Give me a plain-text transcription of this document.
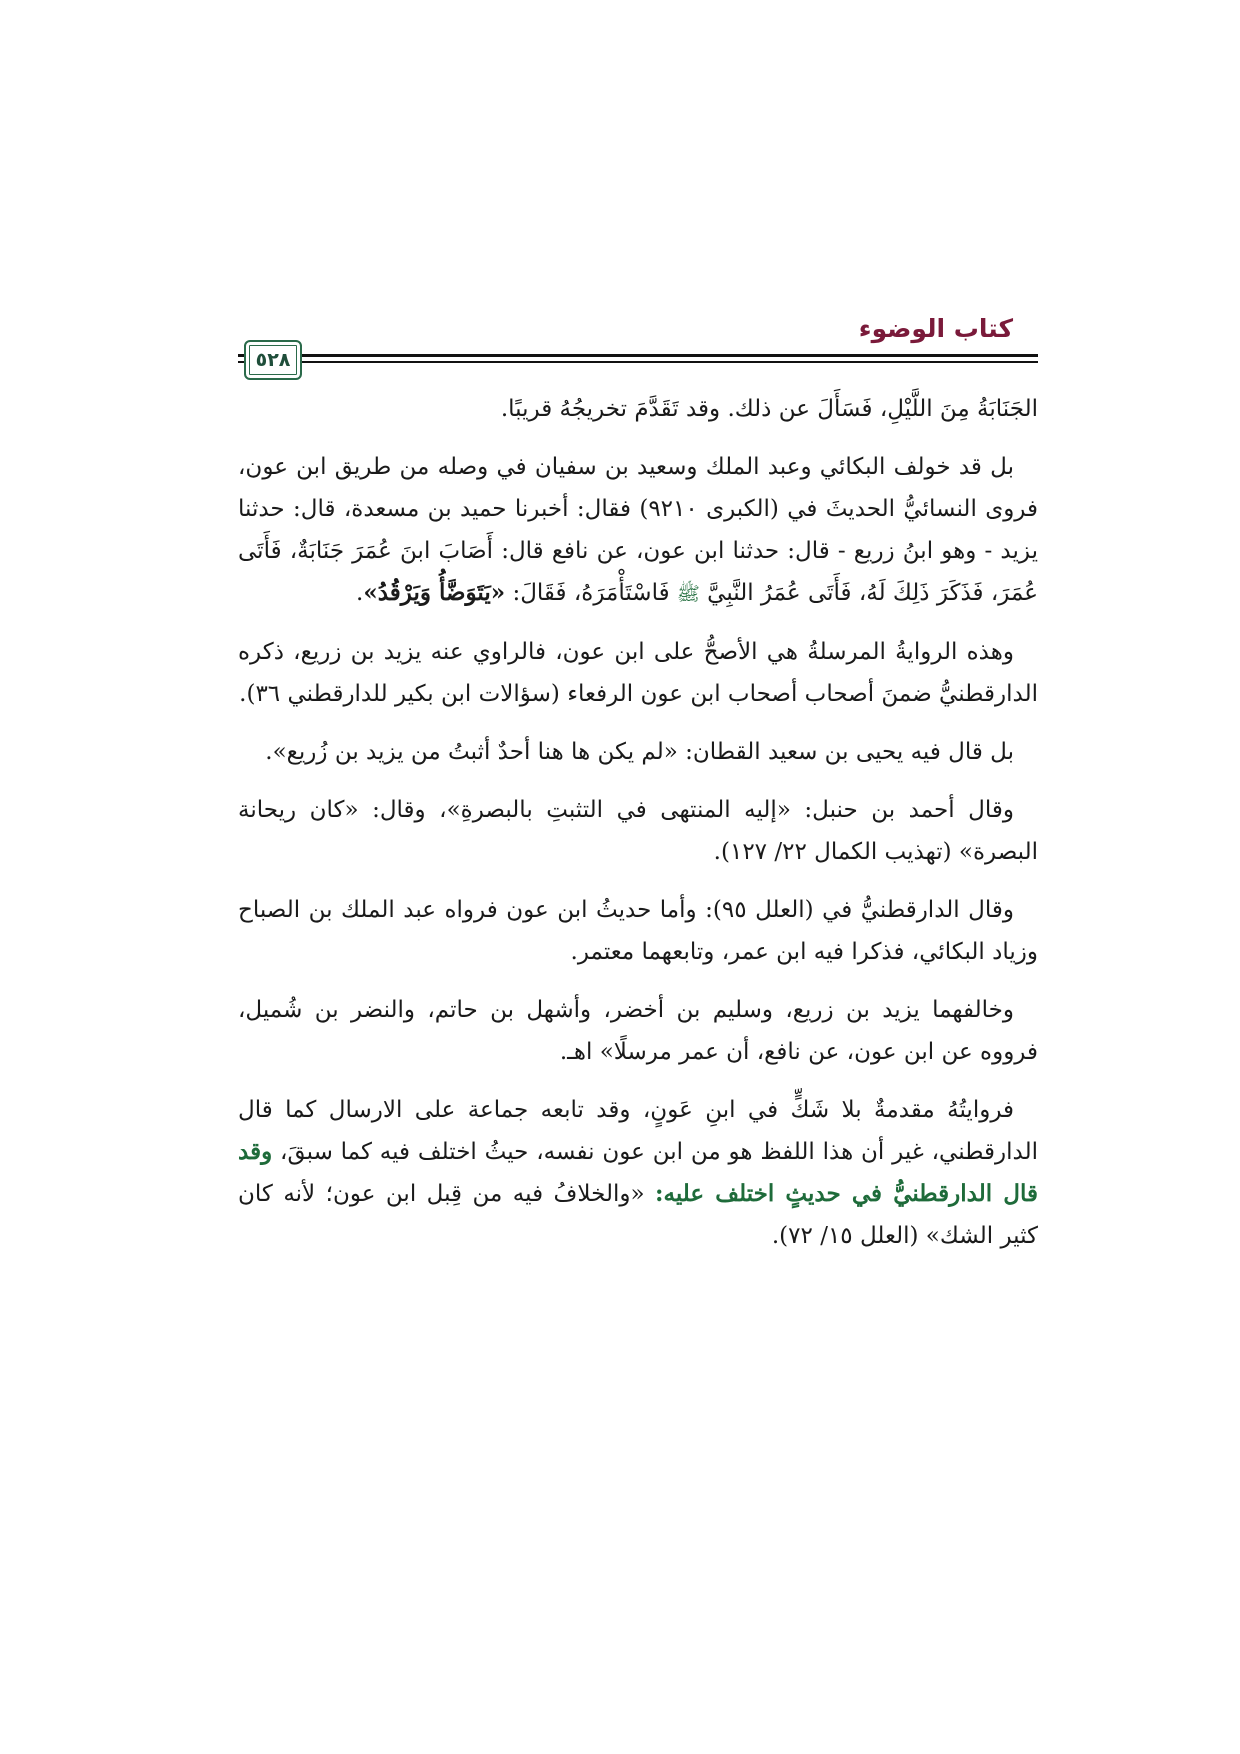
كتاب الوضوء
٥٢٨

الجَنَابَةُ مِنَ اللَّيْلِ، فَسَأَلَ عن ذلك. وقد تَقَدَّمَ تخريجُهُ قريبًا.

بل قد خولف البكائي وعبد الملك وسعيد بن سفيان في وصله من طريق ابن عون، فروى النسائيُّ الحديثَ في (الكبرى ٩٢١٠) فقال: أخبرنا حميد بن مسعدة، قال: حدثنا يزيد - وهو ابنُ زريع - قال: حدثنا ابن عون، عن نافع قال: أَصَابَ ابنَ عُمَرَ جَنَابَةٌ، فَأَتَى عُمَرَ، فَذَكَرَ ذَلِكَ لَهُ، فَأَتَى عُمَرُ النَّبِيَّ ﷺ فَاسْتَأْمَرَهُ، فَقَالَ: «يَتَوَضَّأُ وَيَرْقُدُ».

وهذه الروايةُ المرسلةُ هي الأصحُّ على ابن عون، فالراوي عنه يزيد بن زريع، ذكره الدارقطنيُّ ضمنَ أصحاب أصحاب ابن عون الرفعاء (سؤالات ابن بكير للدارقطني ٣٦).

بل قال فيه يحيى بن سعيد القطان: «لم يكن ها هنا أحدٌ أثبتُ من يزيد بن زُريع».

وقال أحمد بن حنبل: «إليه المنتهى في التثبتِ بالبصرةِ»، وقال: «كان ريحانة البصرة» (تهذيب الكمال ٢٢/ ١٢٧).

وقال الدارقطنيُّ في (العلل ٩٥): وأما حديثُ ابن عون فرواه عبد الملك بن الصباح وزياد البكائي، فذكرا فيه ابن عمر، وتابعهما معتمر.

وخالفهما يزيد بن زريع، وسليم بن أخضر، وأشهل بن حاتم، والنضر بن شُميل، فرووه عن ابن عون، عن نافع، أن عمر مرسلًا» اهـ.

فروايتُهُ مقدمةٌ بلا شَكٍّ في ابنِ عَونٍ، وقد تابعه جماعة على الارسال كما قال الدارقطني، غير أن هذا اللفظ هو من ابن عون نفسه، حيثُ اختلف فيه كما سبقَ، وقد قال الدارقطنيُّ في حديثٍ اختلف عليه: «والخلافُ فيه من قِبل ابن عون؛ لأنه كان كثير الشك» (العلل ١٥/ ٧٢).
